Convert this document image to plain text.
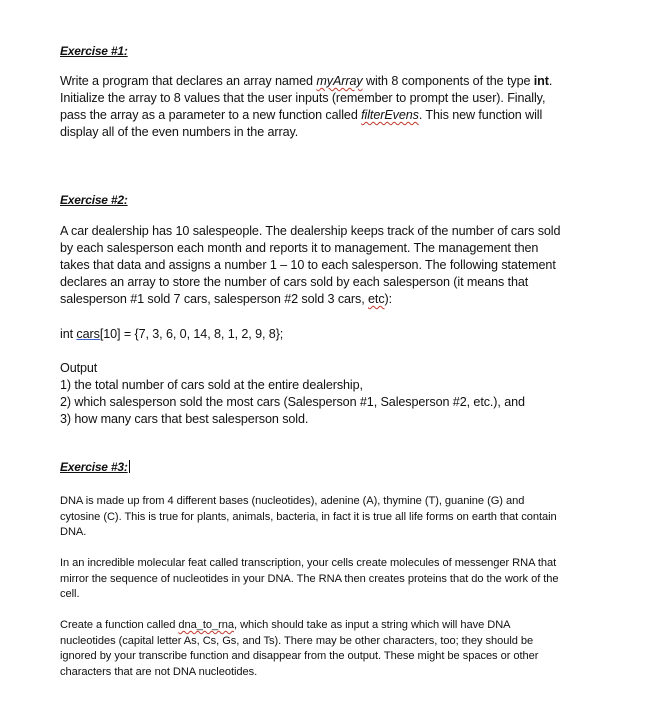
Exercise #1:

Write a program that declares an array named myArray with 8 components of the type int. Initialize the array to 8 values that the user inputs (remember to prompt the user). Finally, pass the array as a parameter to a new function called filterEvens. This new function will display all of the even numbers in the array.

Exercise #2:

A car dealership has 10 salespeople. The dealership keeps track of the number of cars sold by each salesperson each month and reports it to management. The management then takes that data and assigns a number 1 – 10 to each salesperson. The following statement declares an array to store the number of cars sold by each salesperson (it means that salesperson #1 sold 7 cars, salesperson #2 sold 3 cars, etc):

int cars[10] = {7, 3, 6, 0, 14, 8, 1, 2, 9, 8};

Output

1) the total number of cars sold at the entire dealership,

2) which salesperson sold the most cars (Salesperson #1, Salesperson #2, etc.), and

3) how many cars that best salesperson sold.

Exercise #3:

DNA is made up from 4 different bases (nucleotides), adenine (A), thymine (T), guanine (G) and cytosine (C). This is true for plants, animals, bacteria, in fact it is true all life forms on earth that contain DNA.

In an incredible molecular feat called transcription, your cells create molecules of messenger RNA that mirror the sequence of nucleotides in your DNA. The RNA then creates proteins that do the work of the cell.

Create a function called dna_to_rna, which should take as input a string which will have DNA nucleotides (capital letter As, Cs, Gs, and Ts). There may be other characters, too; they should be ignored by your transcribe function and disappear from the output. These might be spaces or other characters that are not DNA nucleotides.
